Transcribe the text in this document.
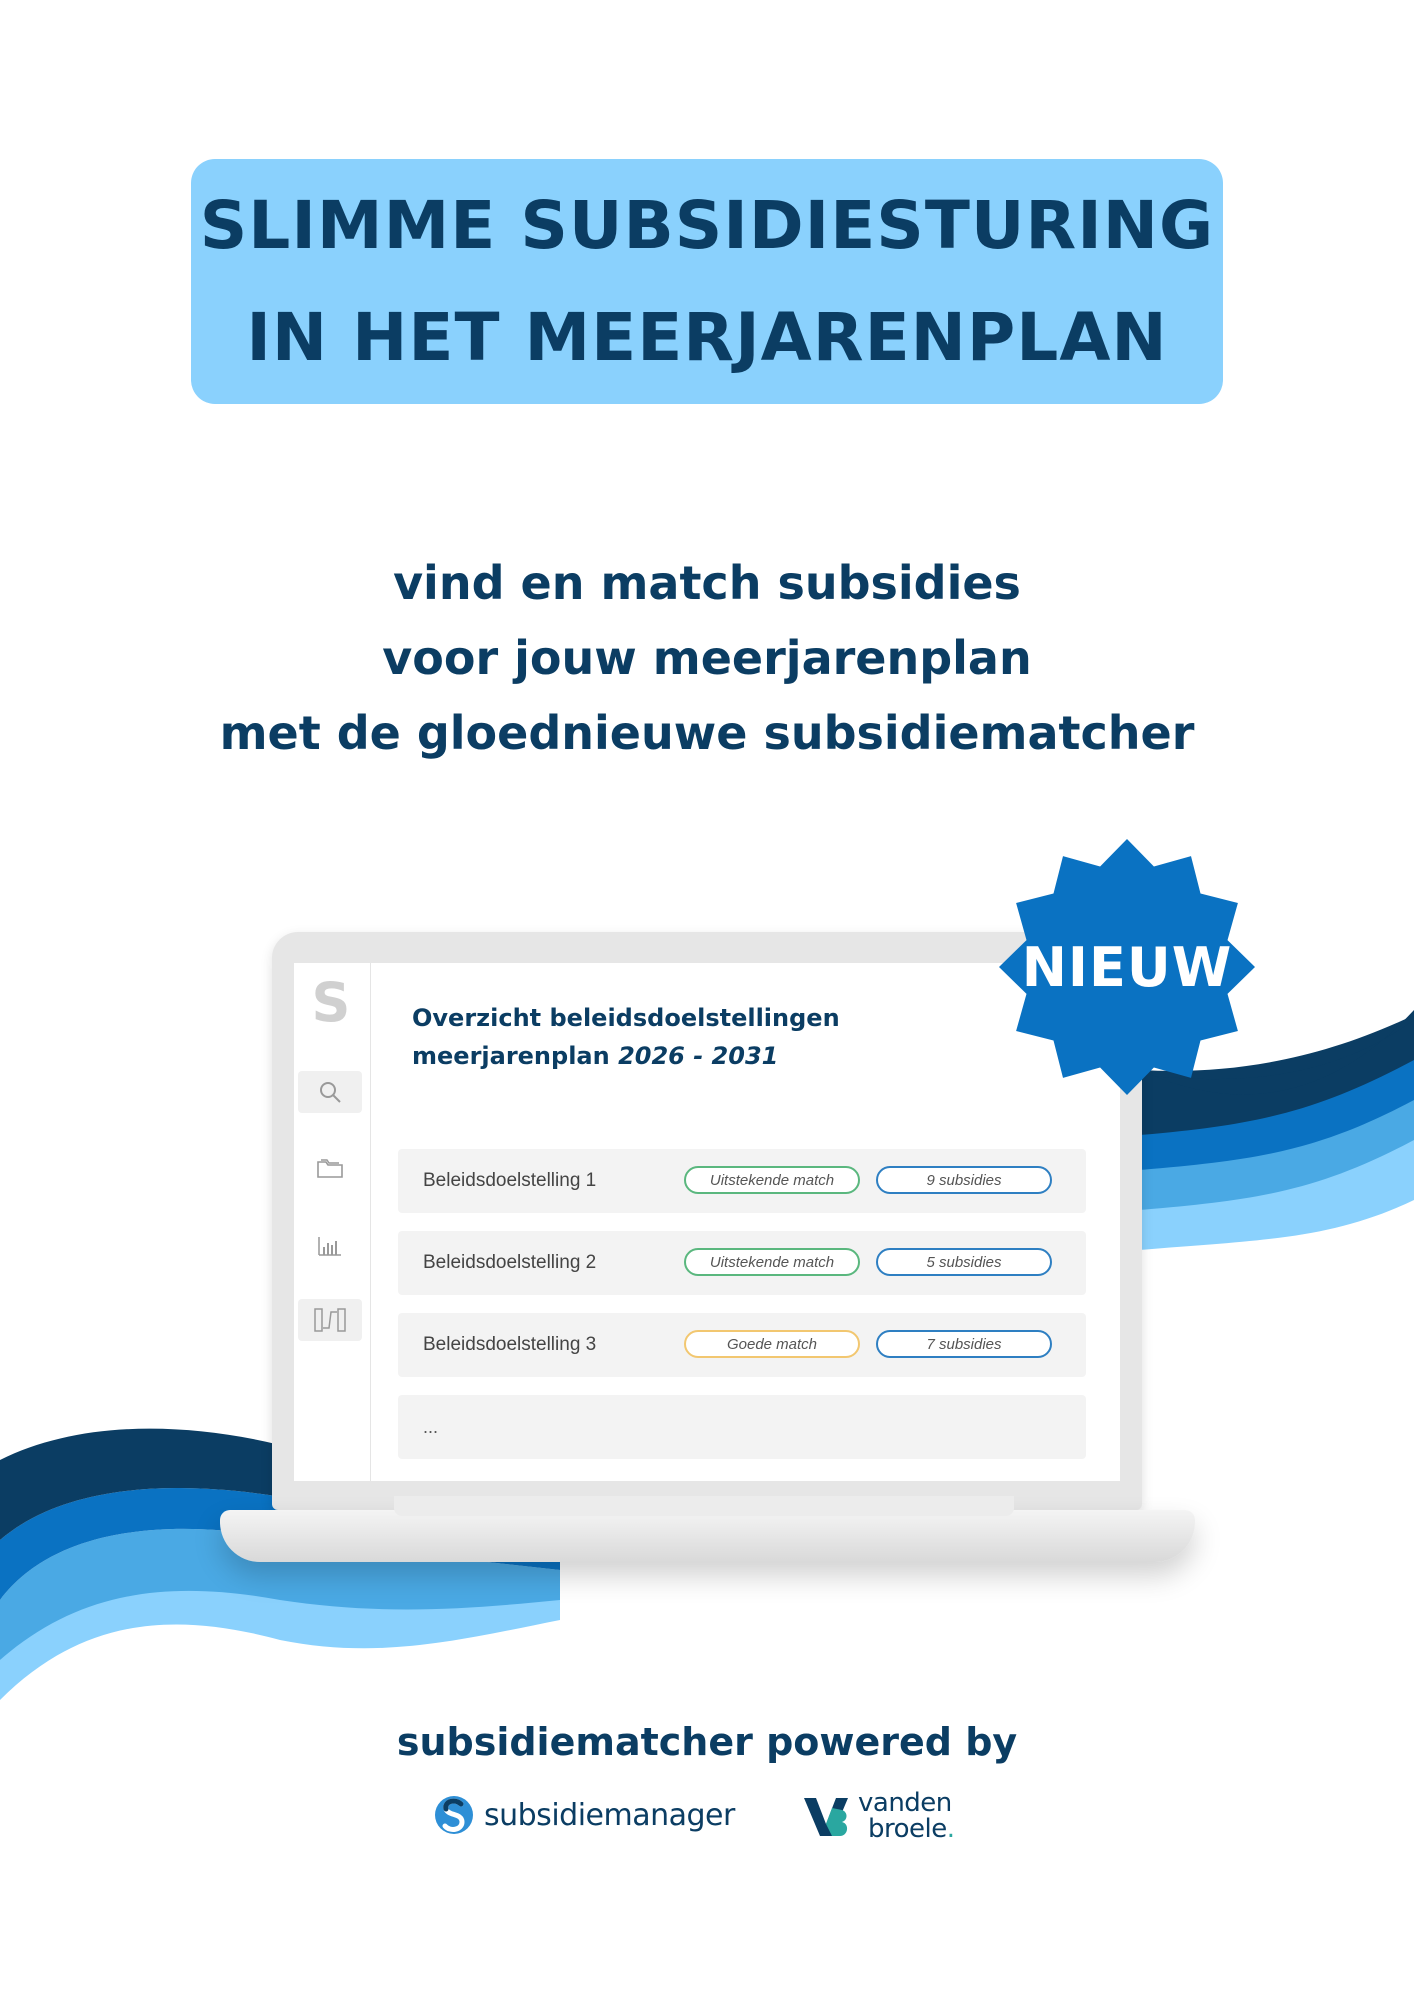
SLIMME SUBSIDIESTURING
IN HET MEERJARENPLAN
vind en match subsidies
voor jouw meerjarenplan
met de gloednieuwe subsidiematcher
S	Overzicht beleidsdoelstellingen
meerjarenplan 2026 - 2031
Beleidsdoelstelling 1	Uitstekende match	9 subsidies
Beleidsdoelstelling 2	Uitstekende match	5 subsidies
Beleidsdoelstelling 3	Goede match	7 subsidies
...
NIEUW
subsidiematcher powered by
subsidiemanager	vanden
broele.
